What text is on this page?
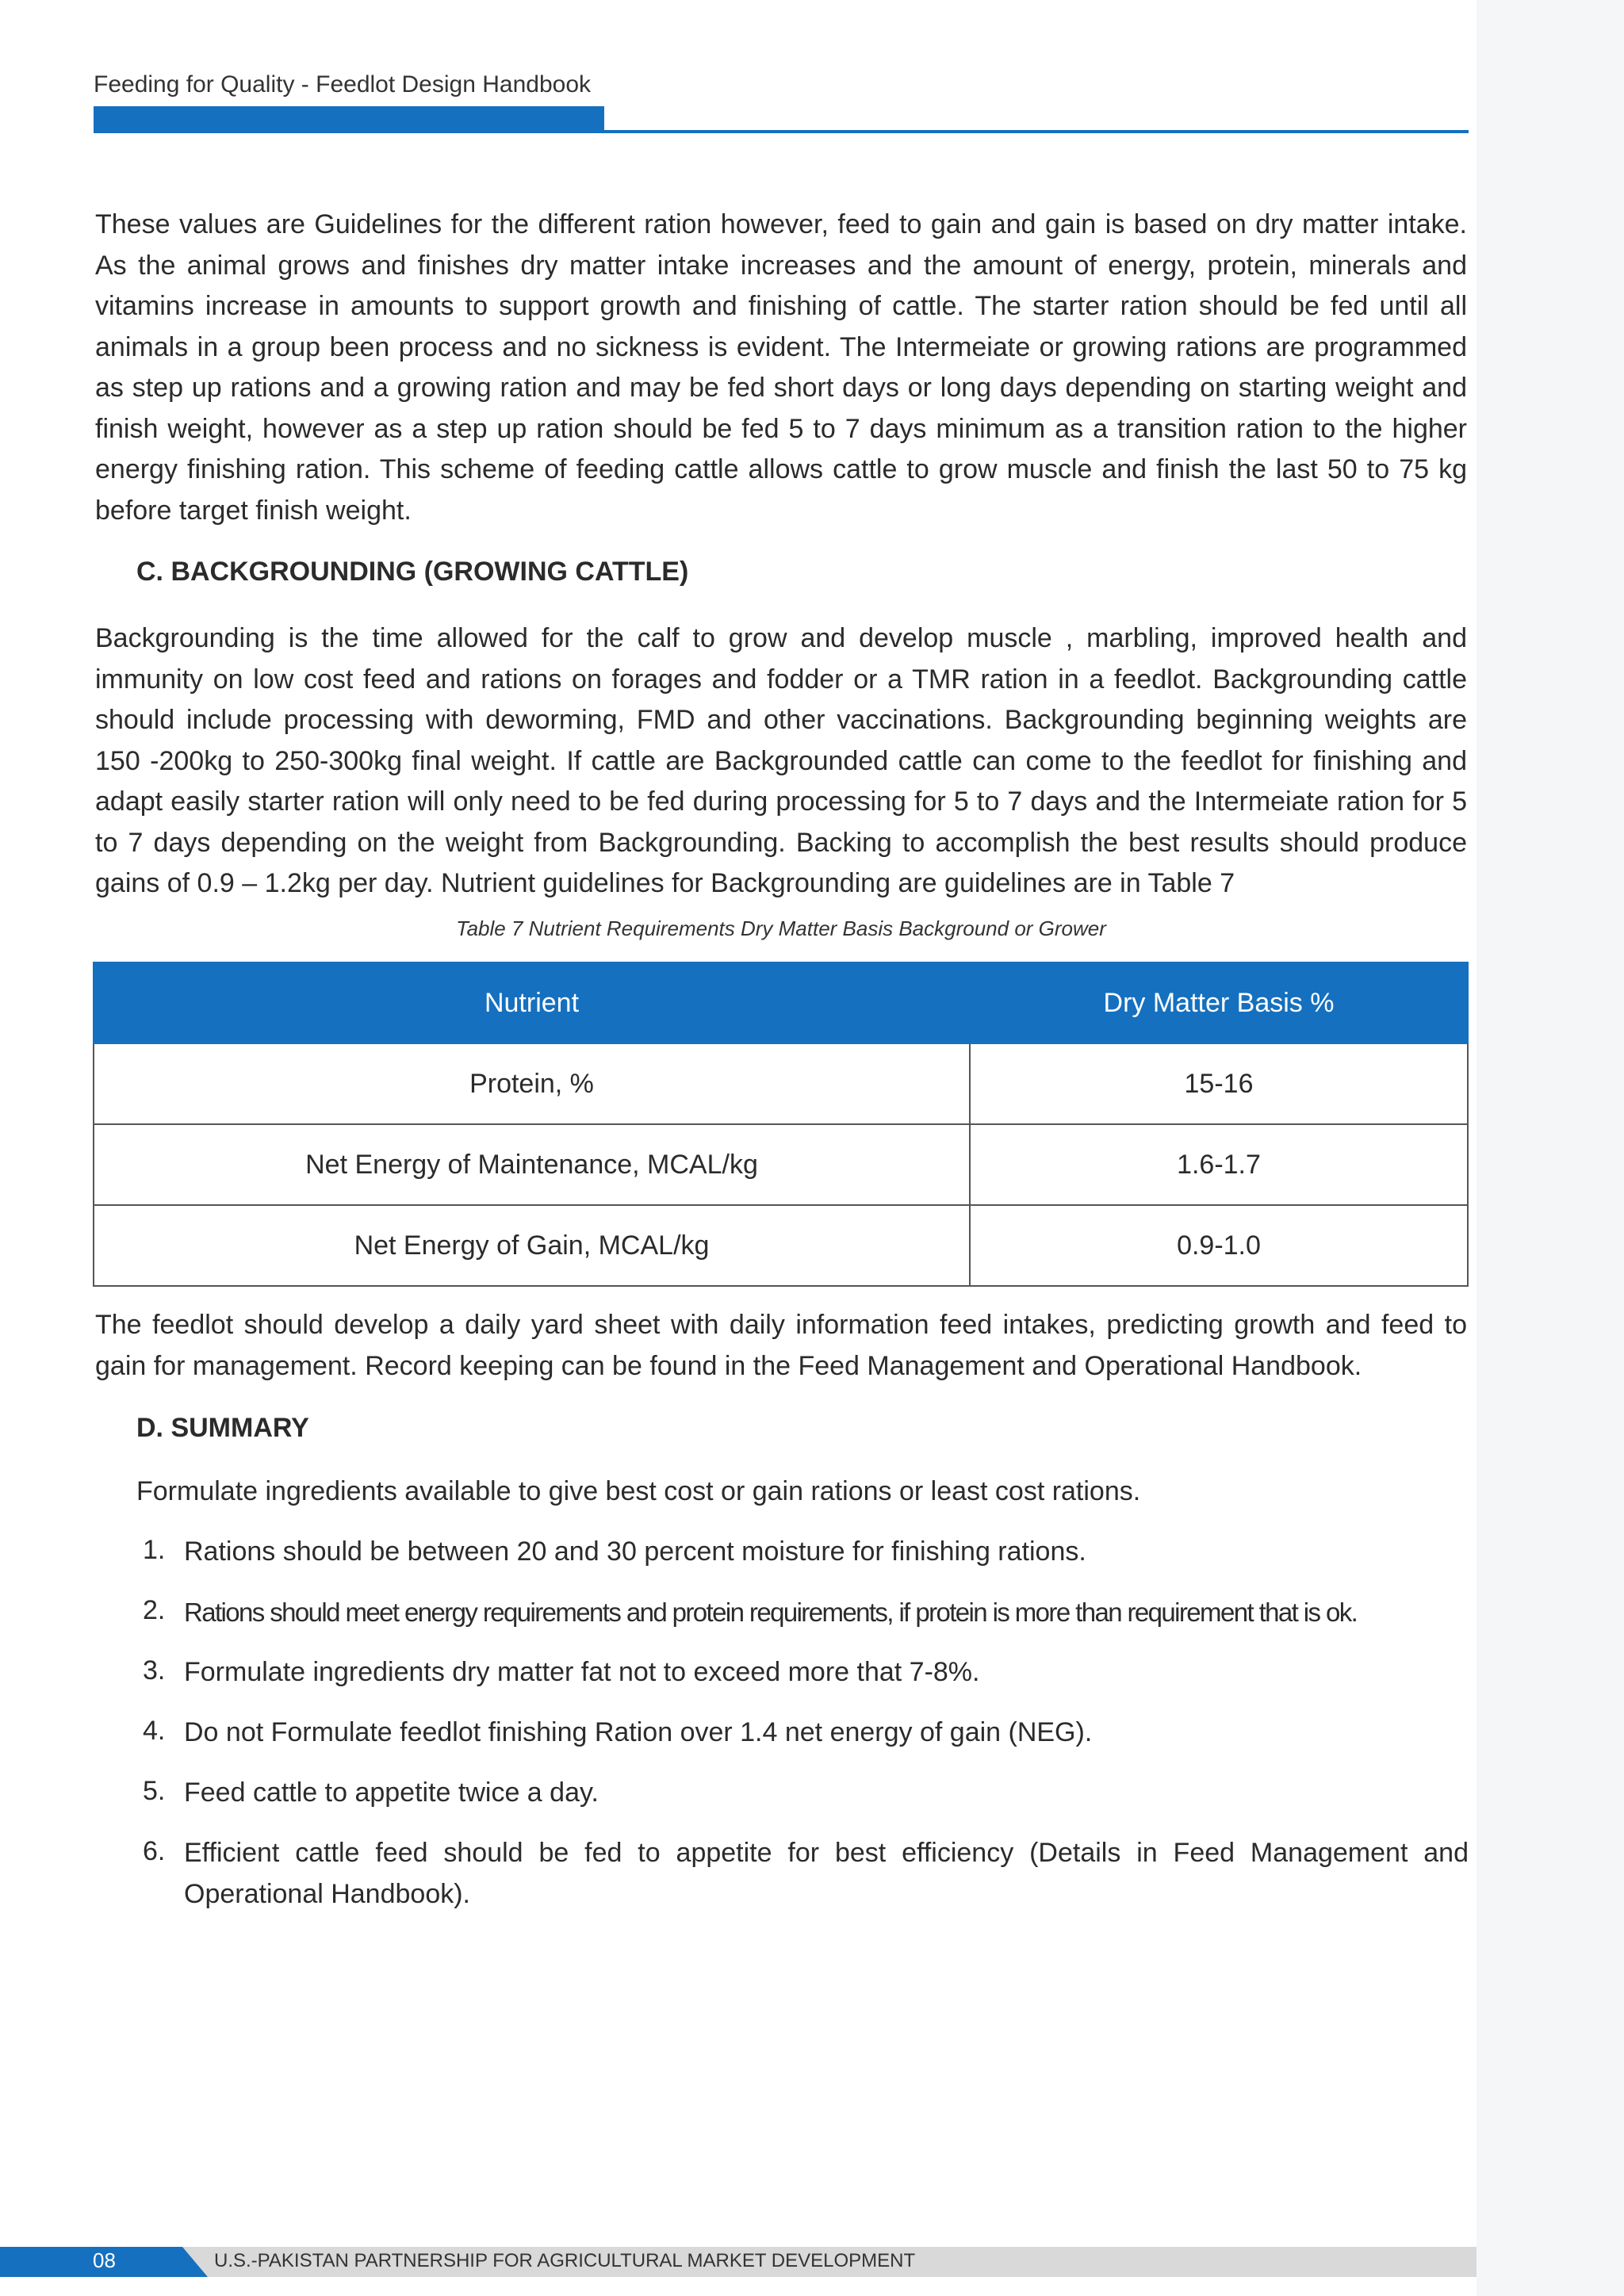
Feeding for Quality - Feedlot Design Handbook

These values are Guidelines for the different ration however, feed to gain and gain is based on dry matter intake. As the animal grows and finishes dry matter intake increases and the amount of energy, protein, minerals and vitamins increase in amounts to support growth and finishing of cattle. The starter ration should be fed until all animals in a group been process and no sickness is evident. The Intermeiate or growing rations are programmed as step up rations and a growing ration and may be fed short days or long days depending on starting weight and finish weight, however as a step up ration should be fed 5 to 7 days minimum as a transition ration to the higher energy finishing ration. This scheme of feeding cattle allows cattle to grow muscle and finish the last 50 to 75 kg before target finish weight.

C. BACKGROUNDING (GROWING CATTLE)

Backgrounding is the time allowed for the calf to grow and develop muscle , marbling, improved health and immunity on low cost feed and rations on forages and fodder or a TMR ration in a feedlot. Backgrounding cattle should include processing with deworming, FMD and other vaccinations. Backgrounding beginning weights are 150 -200kg to 250-300kg final weight. If cattle are Backgrounded cattle can come to the feedlot for finishing and adapt easily starter ration will only need to be fed during processing for 5 to 7 days and the Intermeiate ration for 5 to 7 days depending on the weight from Backgrounding. Backing to accomplish the best results should produce gains of 0.9 – 1.2kg per day. Nutrient guidelines for Backgrounding are guidelines are in Table 7

Table 7 Nutrient Requirements Dry Matter Basis Background or Grower
Nutrient	Dry Matter Basis %
Protein, %	15-16
Net Energy of Maintenance, MCAL/kg	1.6-1.7
Net Energy of Gain, MCAL/kg	0.9-1.0

The feedlot should develop a daily yard sheet with daily information feed intakes, predicting growth and feed to gain for management. Record keeping can be found in the Feed Management and Operational Handbook.

D. SUMMARY
Formulate ingredients available to give best cost or gain rations or least cost rations.
1. Rations should be between 20 and 30 percent moisture for finishing rations.
2. Rations should meet energy requirements and protein requirements, if protein is more than requirement that is ok.
3. Formulate ingredients dry matter fat not to exceed more that 7-8%.
4. Do not Formulate feedlot finishing Ration over 1.4 net energy of gain (NEG).
5. Feed cattle to appetite twice a day.
6. Efficient cattle feed should be fed to appetite for best efficiency (Details in Feed Management and Operational Handbook).
08	U.S.-PAKISTAN PARTNERSHIP FOR AGRICULTURAL MARKET DEVELOPMENT
